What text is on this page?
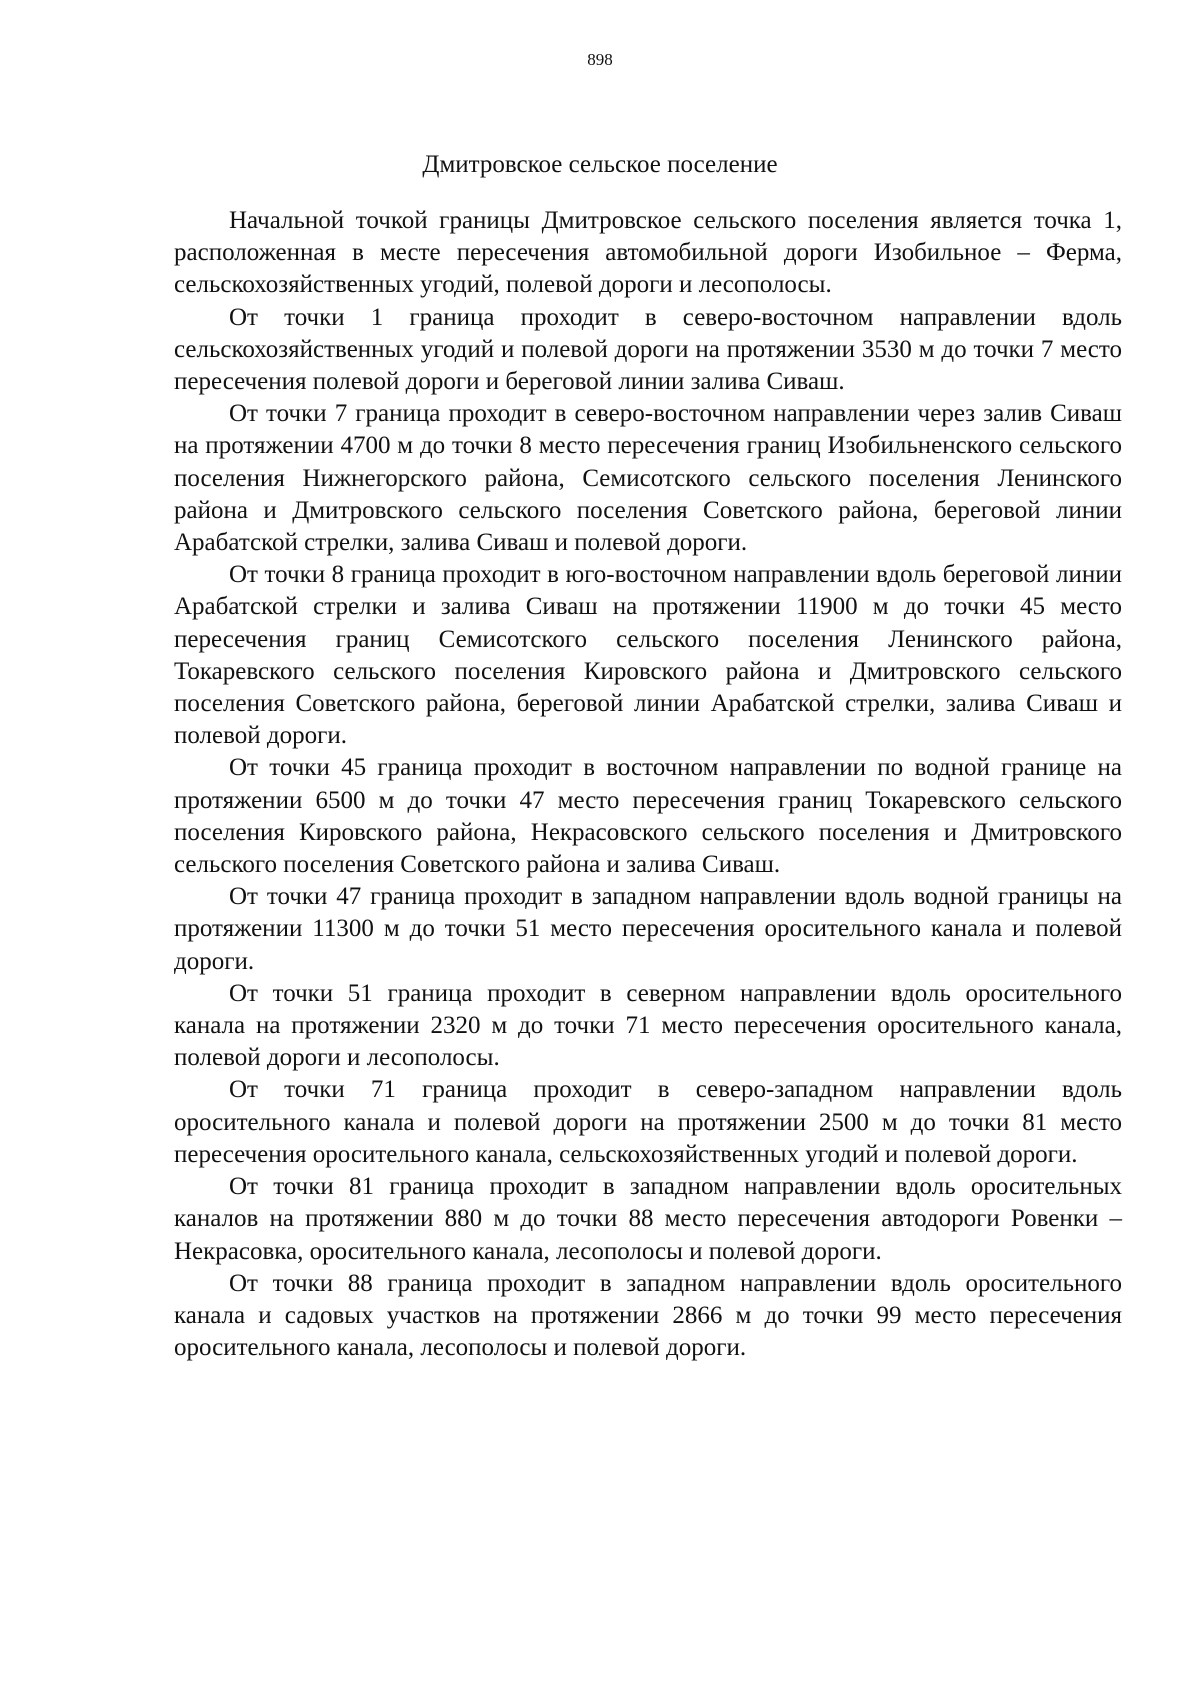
898
Дмитровское сельское поселение

Начальной точкой границы Дмитровское сельского поселения является точка 1, расположенная в месте пересечения автомобильной дороги Изобильное – Ферма, сельскохозяйственных угодий, полевой дороги и лесополосы.

От точки 1 граница проходит в северо-восточном направлении вдоль сельскохозяйственных угодий и полевой дороги на протяжении 3530 м до точки 7 место пересечения полевой дороги и береговой линии залива Сиваш.

От точки 7 граница проходит в северо-восточном направлении через залив Сиваш на протяжении 4700 м до точки 8 место пересечения границ Изобильненского сельского поселения Нижнегорского района, Семисотского сельского поселения Ленинского района и Дмитровского сельского поселения Советского района, береговой линии Арабатской стрелки, залива Сиваш и полевой дороги.

От точки 8 граница проходит в юго-восточном направлении вдоль береговой линии Арабатской стрелки и залива Сиваш на протяжении 11900 м до точки 45 место пересечения границ Семисотского сельского поселения Ленинского района, Токаревского сельского поселения Кировского района и Дмитровского сельского поселения Советского района, береговой линии Арабатской стрелки, залива Сиваш и полевой дороги.

От точки 45 граница проходит в восточном направлении по водной границе на протяжении 6500 м до точки 47 место пересечения границ Токаревского сельского поселения Кировского района, Некрасовского сельского поселения и Дмитровского сельского поселения Советского района и залива Сиваш.

От точки 47 граница проходит в западном направлении вдоль водной границы на протяжении 11300 м до точки 51 место пересечения оросительного канала и полевой дороги.

От точки 51 граница проходит в северном направлении вдоль оросительного канала на протяжении 2320 м до точки 71 место пересечения оросительного канала, полевой дороги и лесополосы.

От точки 71 граница проходит в северо-западном направлении вдоль оросительного канала и полевой дороги на протяжении 2500 м до точки 81 место пересечения оросительного канала, сельскохозяйственных угодий и полевой дороги.

От точки 81 граница проходит в западном направлении вдоль оросительных каналов на протяжении 880 м до точки 88 место пересечения автодороги Ровенки – Некрасовка, оросительного канала, лесополосы и полевой дороги.

От точки 88 граница проходит в западном направлении вдоль оросительного канала и садовых участков на протяжении 2866 м до точки 99 место пересечения оросительного канала, лесополосы и полевой дороги.
